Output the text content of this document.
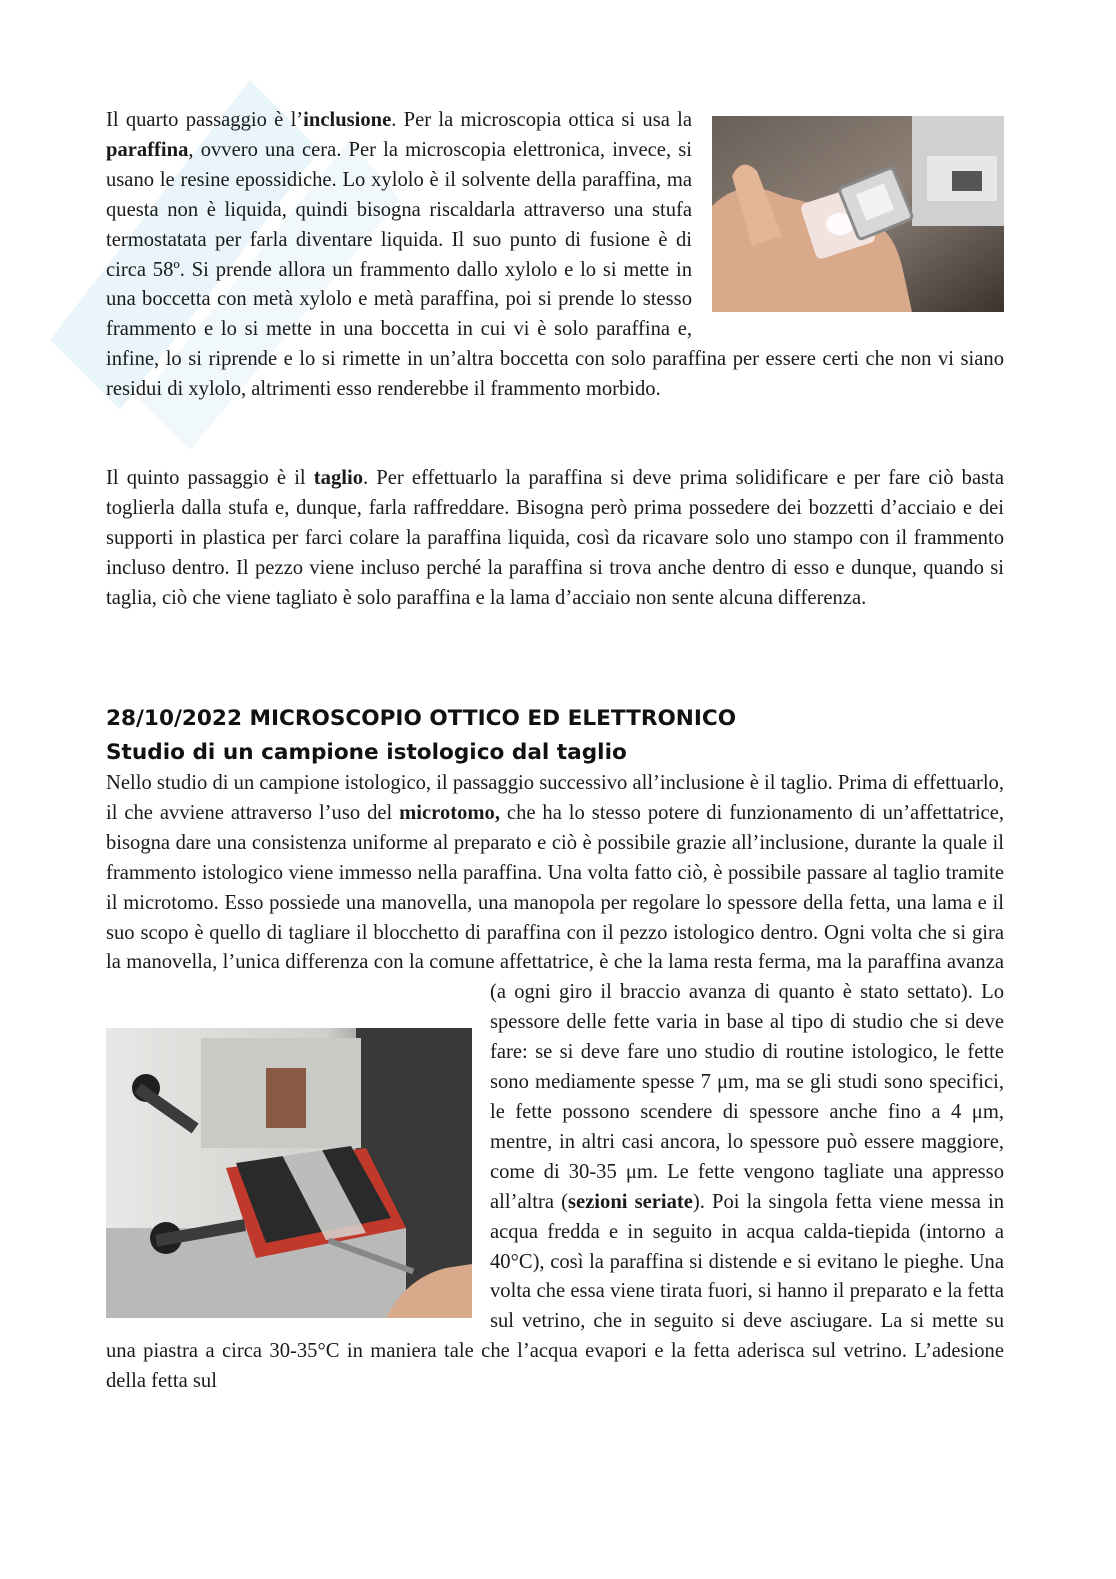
Il quarto passaggio è l’inclusione. Per la microscopia ottica si usa la paraffina, ovvero una cera. Per la microscopia elettronica, invece, si usano le resine epossidiche. Lo xylolo è il solvente della paraffina, ma questa non è liquida, quindi bisogna riscaldarla attraverso una stufa termostatata per farla diventare liquida. Il suo punto di fusione è di circa 58º. Si prende allora un frammento dallo xylolo e lo si mette in una boccetta con metà xylolo e metà paraffina, poi si prende lo stesso frammento e lo si mette in una boccetta in cui vi è solo paraffina e, infine, lo si riprende e lo si rimette in un’altra boccetta con solo paraffina per essere certi che non vi siano residui di xylolo, altrimenti esso renderebbe il frammento morbido.

Il quinto passaggio è il taglio. Per effettuarlo la paraffina si deve prima solidificare e per fare ciò basta toglierla dalla stufa e, dunque, farla raffreddare. Bisogna però prima possedere dei bozzetti d’acciaio e dei supporti in plastica per farci colare la paraffina liquida, così da ricavare solo uno stampo con il frammento incluso dentro. Il pezzo viene incluso perché la paraffina si trova anche dentro di esso e dunque, quando si taglia, ciò che viene tagliato è solo paraffina e la lama d’acciaio non sente alcuna differenza.

28/10/2022 MICROSCOPIO OTTICO ED ELETTRONICO
Studio di un campione istologico dal taglio

Nello studio di un campione istologico, il passaggio successivo all’inclusione è il taglio. Prima di effettuarlo, il che avviene attraverso l’uso del microtomo, che ha lo stesso potere di funzionamento di un’affettatrice, bisogna dare una consistenza uniforme al preparato e ciò è possibile grazie all’inclusione, durante la quale il frammento istologico viene immesso nella paraffina. Una volta fatto ciò, è possibile passare al taglio tramite il microtomo. Esso possiede una manovella, una manopola per regolare lo spessore della fetta, una lama e il suo scopo è quello di tagliare il blocchetto di paraffina con il pezzo istologico dentro. Ogni volta che si gira la manovella, l’unica differenza con la comune affettatrice, è che la lama resta ferma, ma la paraffina avanza (a ogni giro il braccio avanza di quanto è stato settato). Lo spessore delle fette varia in base al tipo di studio che si deve fare: se si deve fare uno studio di routine istologico, le fette sono mediamente spesse 7 μm, ma se gli studi sono specifici, le fette possono scendere di spessore anche fino a 4 μm, mentre, in altri casi ancora, lo spessore può essere maggiore, come di 30-35 μm. Le fette vengono tagliate una appresso all’altra (sezioni seriate). Poi la singola fetta viene messa in acqua fredda e in seguito in acqua calda-tiepida (intorno a 40°C), così la paraffina si distende e si evitano le pieghe. Una volta che essa viene tirata fuori, si hanno il preparato e la fetta sul vetrino, che in seguito si deve asciugare. La si mette su una piastra a circa 30-35°C in maniera tale che l’acqua evapori e la fetta aderisca sul vetrino. L’adesione della fetta sul
